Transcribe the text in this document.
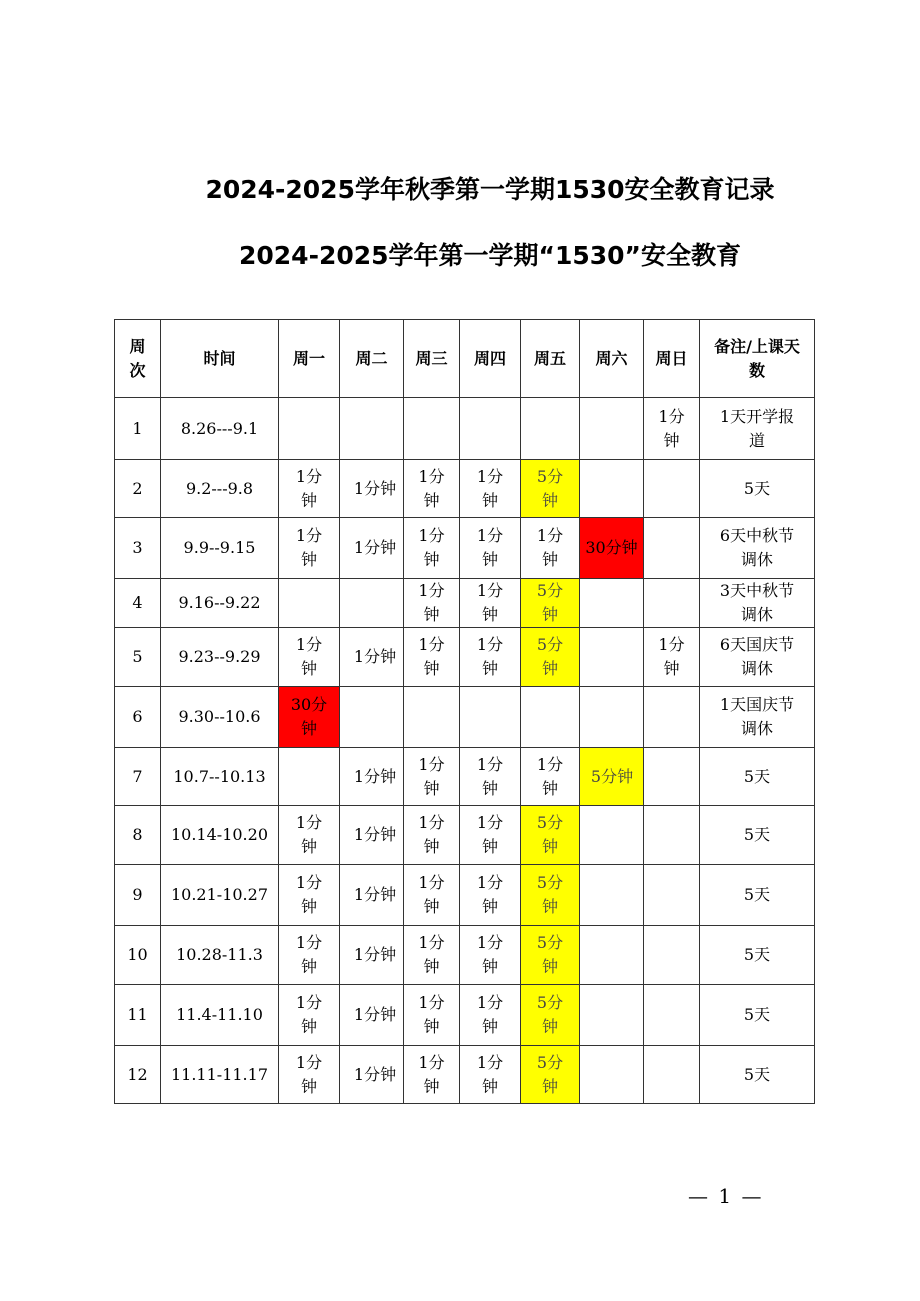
2024-2025学年秋季第一学期1530安全教育记录
2024-2025学年第一学期“1530”安全教育
周次	时间	周一	周二	周三	周四	周五	周六	周日	备注/上课天数
1	8.26---9.1							1分钟	1天开学报道
2	9.2---9.8	1分钟	1分钟	1分钟	1分钟	5分钟			5天
3	9.9--9.15	1分钟	1分钟	1分钟	1分钟	1分钟	30分钟		6天中秋节调休
4	9.16--9.22			1分钟	1分钟	5分钟			3天中秋节调休
5	9.23--9.29	1分钟	1分钟	1分钟	1分钟	5分钟		1分钟	6天国庆节调休
6	9.30--10.6	30分钟							1天国庆节调休
7	10.7--10.13		1分钟	1分钟	1分钟	1分钟	5分钟		5天
8	10.14-10.20	1分钟	1分钟	1分钟	1分钟	5分钟			5天
9	10.21-10.27	1分钟	1分钟	1分钟	1分钟	5分钟			5天
10	10.28-11.3	1分钟	1分钟	1分钟	1分钟	5分钟			5天
11	11.4-11.10	1分钟	1分钟	1分钟	1分钟	5分钟			5天
12	11.11-11.17	1分钟	1分钟	1分钟	1分钟	5分钟			5天
— 1 —
